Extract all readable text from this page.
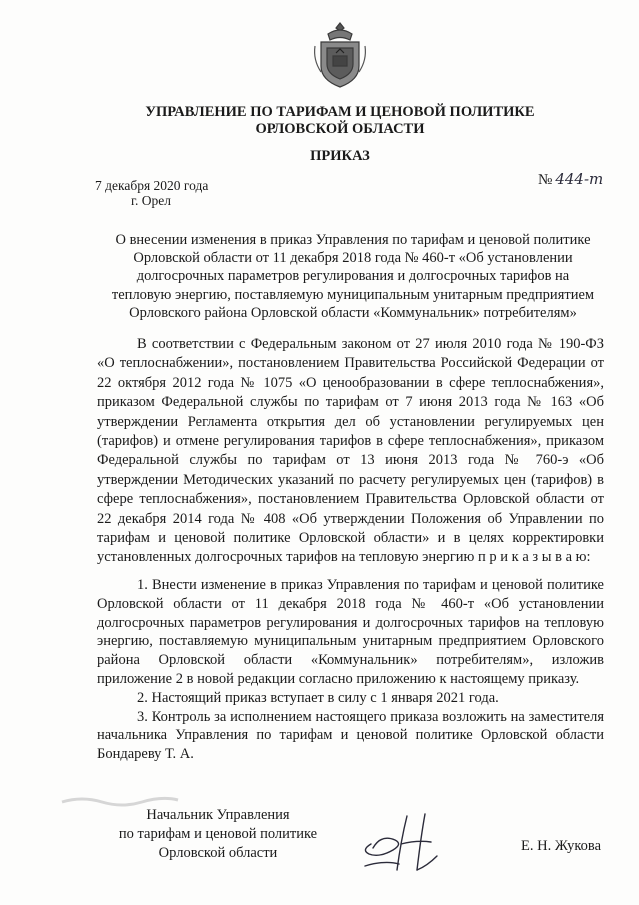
УПРАВЛЕНИЕ ПО ТАРИФАМ И ЦЕНОВОЙ ПОЛИТИКЕ
ОРЛОВСКОЙ ОБЛАСТИ
ПРИКАЗ
7 декабря 2020 года
г. Орел
№ 444-т
О внесении изменения в приказ Управления по тарифам и ценовой политике
Орловской области от 11 декабря 2018 года № 460-т «Об установлении
долгосрочных параметров регулирования и долгосрочных тарифов на
тепловую энергию, поставляемую муниципальным унитарным предприятием
Орловского района Орловской области «Коммунальник» потребителям»
В соответствии с Федеральным законом от 27 июля 2010 года № 190-ФЗ «О теплоснабжении», постановлением Правительства Российской Федерации от 22 октября 2012 года № 1075 «О ценообразовании в сфере теплоснабжения», приказом Федеральной службы по тарифам от 7 июня 2013 года № 163 «Об утверждении Регламента открытия дел об установлении регулируемых цен (тарифов) и отмене регулирования тарифов в сфере теплоснабжения», приказом Федеральной службы по тарифам от 13 июня 2013 года № 760-э «Об утверждении Методических указаний по расчету регулируемых цен (тарифов) в сфере теплоснабжения», постановлением Правительства Орловской области от 22 декабря 2014 года № 408 «Об утверждении Положения об Управлении по тарифам и ценовой политике Орловской области» и в целях корректировки установленных долгосрочных тарифов на тепловую энергию п р и к а з ы в а ю:

1. Внести изменение в приказ Управления по тарифам и ценовой политике Орловской области от 11 декабря 2018 года № 460-т «Об установлении долгосрочных параметров регулирования и долгосрочных тарифов на тепловую энергию, поставляемую муниципальным унитарным предприятием Орловского района Орловской области «Коммунальник» потребителям», изложив приложение 2 в новой редакции согласно приложению к настоящему приказу.

2. Настоящий приказ вступает в силу с 1 января 2021 года.

3. Контроль за исполнением настоящего приказа возложить на заместителя начальника Управления по тарифам и ценовой политике Орловской области Бондареву Т. А.

Начальник Управления
по тарифам и ценовой политике
Орловской области	Е. Н. Жукова
